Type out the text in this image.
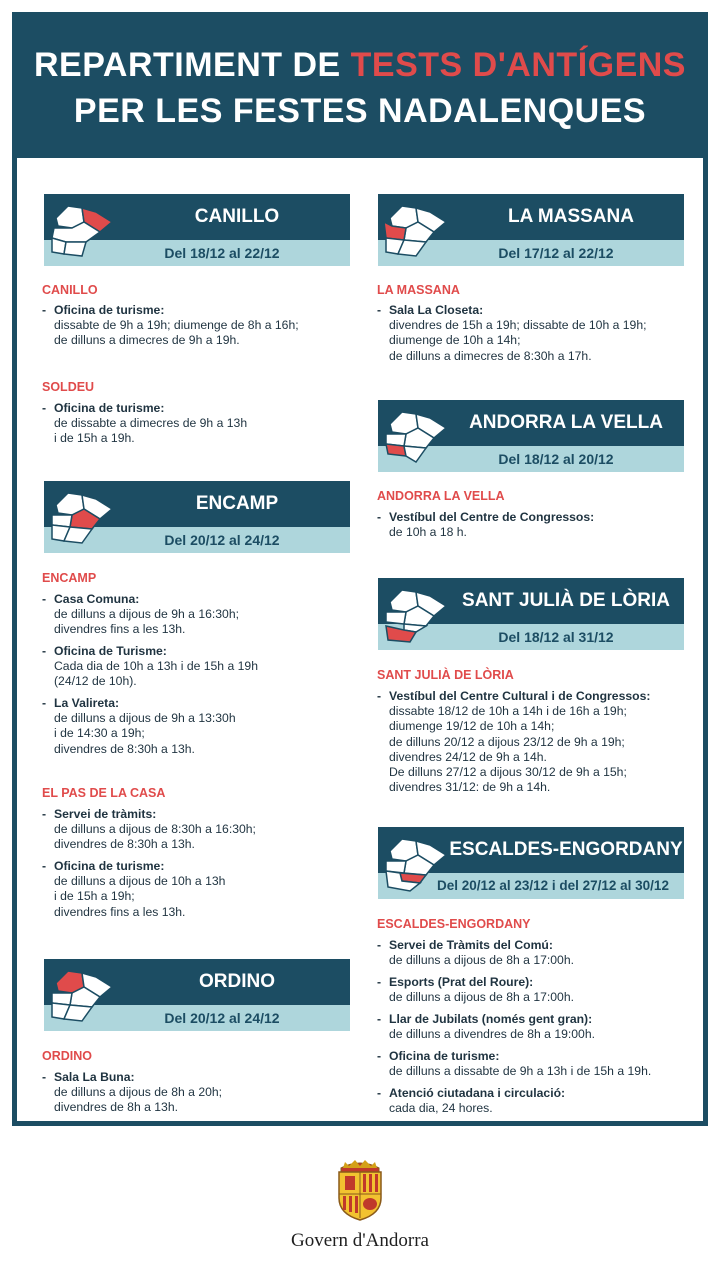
REPARTIMENT DE TESTS D'ANTÍGENS
PER LES FESTES NADALENQUES
CANILLO
Del 18/12 al 22/12
CANILLO
- Oficina de turisme:
dissabte de 9h a 19h; diumenge de 8h a 16h;
de dilluns a dimecres de 9h a 19h.
SOLDEU
- Oficina de turisme:
de dissabte a dimecres de 9h a 13h
i de 15h a 19h.
ENCAMP
Del 20/12 al 24/12
ENCAMP
- Casa Comuna:
de dilluns a dijous de 9h a 16:30h;
divendres fins a les 13h.
- Oficina de Turisme:
Cada dia de 10h a 13h i de 15h a 19h
(24/12 de 10h).
- La Valireta:
de dilluns a dijous de 9h a 13:30h
i de 14:30 a 19h;
divendres de 8:30h a 13h.
EL PAS DE LA CASA
- Servei de tràmits:
de dilluns a dijous de 8:30h a 16:30h;
divendres de 8:30h a 13h.
- Oficina de turisme:
de dilluns a dijous de 10h a 13h
i de 15h a 19h;
divendres fins a les 13h.
ORDINO
Del 20/12 al 24/12
ORDINO
- Sala La Buna:
de dilluns a dijous de 8h a 20h;
divendres de 8h a 13h.
LA MASSANA
Del 17/12 al 22/12
LA MASSANA
- Sala La Closeta:
divendres de 15h a 19h; dissabte de 10h a 19h;
diumenge de 10h a 14h;
de dilluns a dimecres de 8:30h a 17h.
ANDORRA LA VELLA
Del 18/12 al 20/12
ANDORRA LA VELLA
- Vestíbul del Centre de Congressos:
de 10h a 18 h.
SANT JULIÀ DE LÒRIA
Del 18/12 al 31/12
SANT JULIÀ DE LÒRIA
- Vestíbul del Centre Cultural i de Congressos:
dissabte 18/12 de 10h a 14h i de 16h a 19h;
diumenge 19/12 de 10h a 14h;
de dilluns 20/12 a dijous 23/12 de 9h a 19h;
divendres 24/12 de 9h a 14h.
De dilluns 27/12 a dijous 30/12 de 9h a 15h;
divendres 31/12: de 9h a 14h.
ESCALDES-ENGORDANY
Del 20/12 al 23/12 i del 27/12 al 30/12
ESCALDES-ENGORDANY
- Servei de Tràmits del Comú:
de dilluns a dijous de 8h a 17:00h.
- Esports (Prat del Roure):
de dilluns a dijous de 8h a 17:00h.
- Llar de Jubilats (només gent gran):
de dilluns a divendres de 8h a 19:00h.
- Oficina de turisme:
de dilluns a dissabte de 9h a 13h i de 15h a 19h.
- Atenció ciutadana i circulació:
cada dia, 24 hores.
Govern d'Andorra
